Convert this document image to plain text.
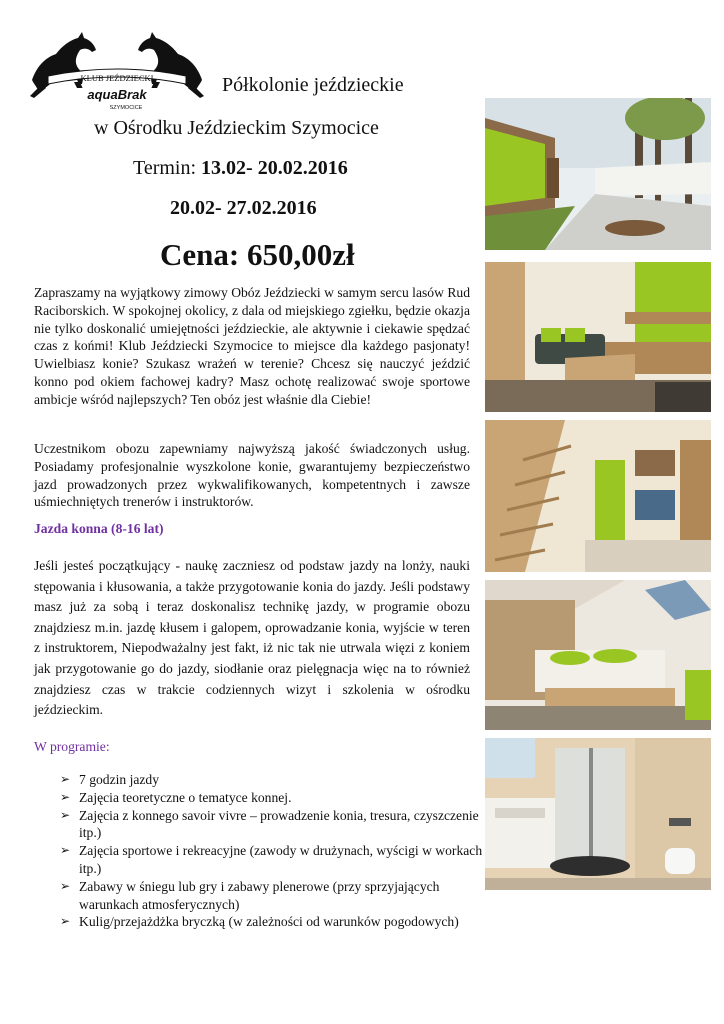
KLUB JEŹDZIECKI
aquaBrak
SZYMOCICE
Półkolonie jeździeckie
w Ośrodku Jeździeckim Szymocice
Termin: 13.02- 20.02.2016
20.02- 27.02.2016
Cena: 650,00zł
Zapraszamy na wyjątkowy zimowy Obóz Jeździecki w samym sercu lasów Rud Raciborskich. W spokojnej okolicy, z dala od miejskiego zgiełku, będzie okazja nie tylko doskonalić umiejętności jeździeckie, ale aktywnie i ciekawie spędzać czas z końmi! Klub Jeździecki Szymocice to miejsce dla każdego pasjonaty! Uwielbiasz konie? Szukasz wrażeń w terenie? Chcesz się nauczyć jeździć konno pod okiem fachowej kadry? Masz ochotę realizować swoje sportowe ambicje wśród najlepszych? Ten obóz jest właśnie dla Ciebie!
Uczestnikom obozu zapewniamy najwyższą jakość świadczonych usług. Posiadamy profesjonalnie wyszkolone konie, gwarantujemy bezpieczeństwo jazd prowadzonych przez wykwalifikowanych, kompetentnych i zawsze uśmiechniętych trenerów i instruktorów.
Jazda konna (8-16 lat)
Jeśli jesteś początkujący - naukę zaczniesz od podstaw jazdy na lonży, nauki stępowania i kłusowania, a także przygotowanie konia do jazdy. Jeśli podstawy masz już za sobą i teraz doskonalisz technikę jazdy, w programie obozu znajdziesz m.in. jazdę kłusem i galopem, oprowadzanie konia, wyjście w teren z instruktorem, Niepodważalny jest fakt, iż nic tak nie utrwala więzi z koniem jak przygotowanie go do jazdy, siodłanie oraz pielęgnacja więc na to również znajdziesz czas w trakcie codziennych wizyt i szkolenia w ośrodku jeździeckim.
W programie:
➢ 7 godzin jazdy
➢ Zajęcia teoretyczne o tematyce konnej.
➢ Zajęcia z konnego savoir vivre – prowadzenie konia, tresura, czyszczenie itp.)
➢ Zajęcia sportowe i rekreacyjne (zawody w drużynach, wyścigi w workach itp.)
➢ Zabawy w śniegu lub gry i zabawy plenerowe (przy sprzyjających warunkach atmosferycznych)
➢ Kulig/przejażdżka bryczką (w zależności od warunków pogodowych)
